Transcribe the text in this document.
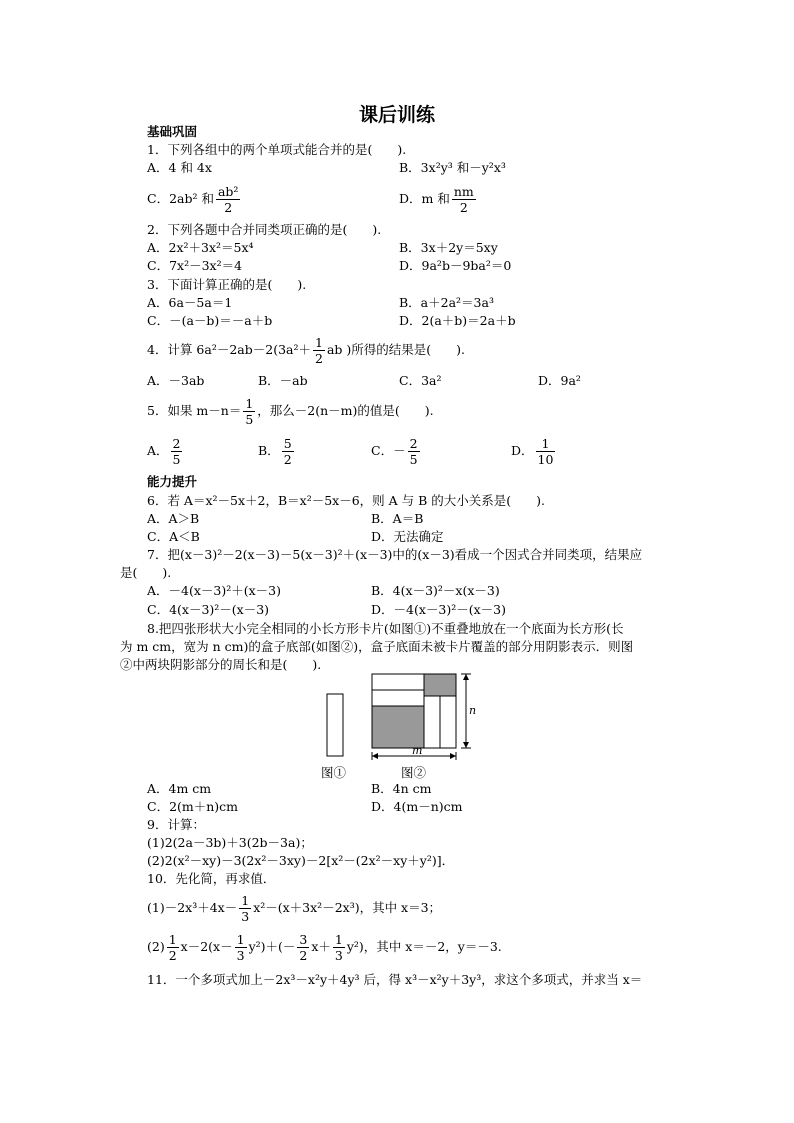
课后训练
基础巩固
1．下列各组中的两个单项式能合并的是(　　).
A．4 和 4x	B．3x²y³ 和－y²x³
C．2ab² 和 $\frac{\text{ab²}}{2}$	D．m 和 $\frac{nm}{2}$
2．下列各题中合并同类项正确的是(　　).
A．2x²＋3x²＝5x⁴	B．3x＋2y＝5xy
C．7x²－3x²＝4	D．9a²b－9ba²＝0
3．下面计算正确的是(　　).
A．6a－5a＝1	B．a＋2a²＝3a³
C．－(a－b)＝－a＋b	D．2(a＋b)＝2a＋b
4．计算 $6a^2-2ab-2(3a^2+ \frac{1}{2}$ ab )所得的结果是(　　).
A．－3ab	B．－ab	C．3a²	D．9a²
5．如果 $m-n= \frac{1}{5}$ ，那么－2(n－m)的值是(　　).
A． $\frac{2}{5}$	B． $\frac{5}{2}$	C．－ $\frac{2}{5}$	D． $\frac{1}{10}$
能力提升
6．若 A＝x²－5x＋2，B＝x²－5x－6，则 A 与 B 的大小关系是(　　).
A．A＞B	B．A＝B
C．A＜B	D．无法确定
7．把(x－3)²－2(x－3)－5(x－3)²＋(x－3)中的(x－3)看成一个因式合并同类项，结果应
是(　　).
A．－4(x－3)²＋(x－3)	B．4(x－3)²－x(x－3)
C．4(x－3)²－(x－3)	D．－4(x－3)²－(x－3)
8.把四张形状大小完全相同的小长方形卡片(如图①)不重叠地放在一个底面为长方形(长
为 m cm，宽为 n cm)的盒子底部(如图②)，盒子底面未被卡片覆盖的部分用阴影表示．则图
②中两块阴影部分的周长和是(　　).
n
m
图①	图②
A．4m cm	B．4n cm
C．2(m＋n)cm	D．4(m－n)cm
9．计算：
(1)2(2a－3b)＋3(2b－3a)；
(2)2(x²－xy)－3(2x²－3xy)－2[x²－(2x²－xy＋y²)]．
10．先化简，再求值．
$(1)-2x^3+4x- \frac{1}{3} x^2-(x+3x^2-2x^3)$，其中 x＝3；
$(2) \frac{1}{2} x-2(x- \frac{1}{3} y^2)+(- \frac{3}{2} x+ \frac{1}{3} y^2)$，其中 x＝－2，y＝－3.
11．一个多项式加上－2x³－x²y＋4y³ 后，得 x³－x²y＋3y³，求这个多项式，并求当 x＝
